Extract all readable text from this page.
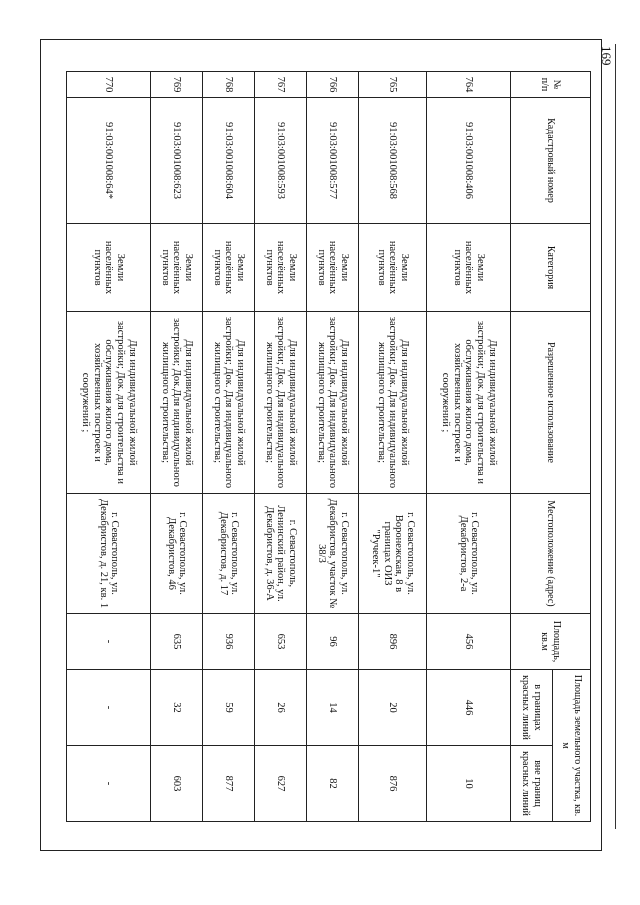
169
№ п/п	Кадастровый номер	Категория	Разрешенное использование	Местоположение (адрес)	Площадь, кв.м	Площадь земельного участка, кв. м	
						в границах красных линий	вне границ красных линий
764	91:03:001008:406	Земли населённых пунктов	Для индивидуальной жилой застройки; Док. для строительства и обслуживания жилого дома, хозяйственных построек и сооружений ;	г. Севастополь, ул. Декабристов, 2-а	456	446	10
765	91:03:001008:568	Земли населённых пунктов	Для индивидуальной жилой застройки; Док. Для индивидуального жилищного строительства;	г. Севастополь, ул. Воронежская, 8 в границах ОИЗ "Ручеек-1"	896	20	876
766	91:03:001008:577	Земли населённых пунктов	Для индивидуальной жилой застройки; Док. Для индивидуального жилищного строительства;	г. Севастополь, ул. Декабристов, участок № 38/3	96	14	82
767	91:03:001008:593	Земли населённых пунктов	Для индивидуальной жилой застройки; Док. Для индивидуального жилищного строительства;	г. Севастополь, Ленинский район, ул. Декабристов, д. 36-А	653	26	627
768	91:03:001008:604	Земли населённых пунктов	Для индивидуальной жилой застройки; Док. Для индивидуального жилищного строительства;	г. Севастополь, ул. Декабристов, д. 17	936	59	877
769	91:03:001008:623	Земли населённых пунктов	Для индивидуальной жилой застройки; Док.Для индивидуального жилищного строительства;	г. Севастополь, ул. Декабристов, 46	635	32	603
770	91:03:001008:64*	Земли населённых пунктов	Для индивидуальной жилой застройки; Док. для строительства и обслуживания жилого дома, хозяйственных построек и сооружений ;	г. Севастополь, ул. Декабристов, д. 21, кв. 1	-	-	-
